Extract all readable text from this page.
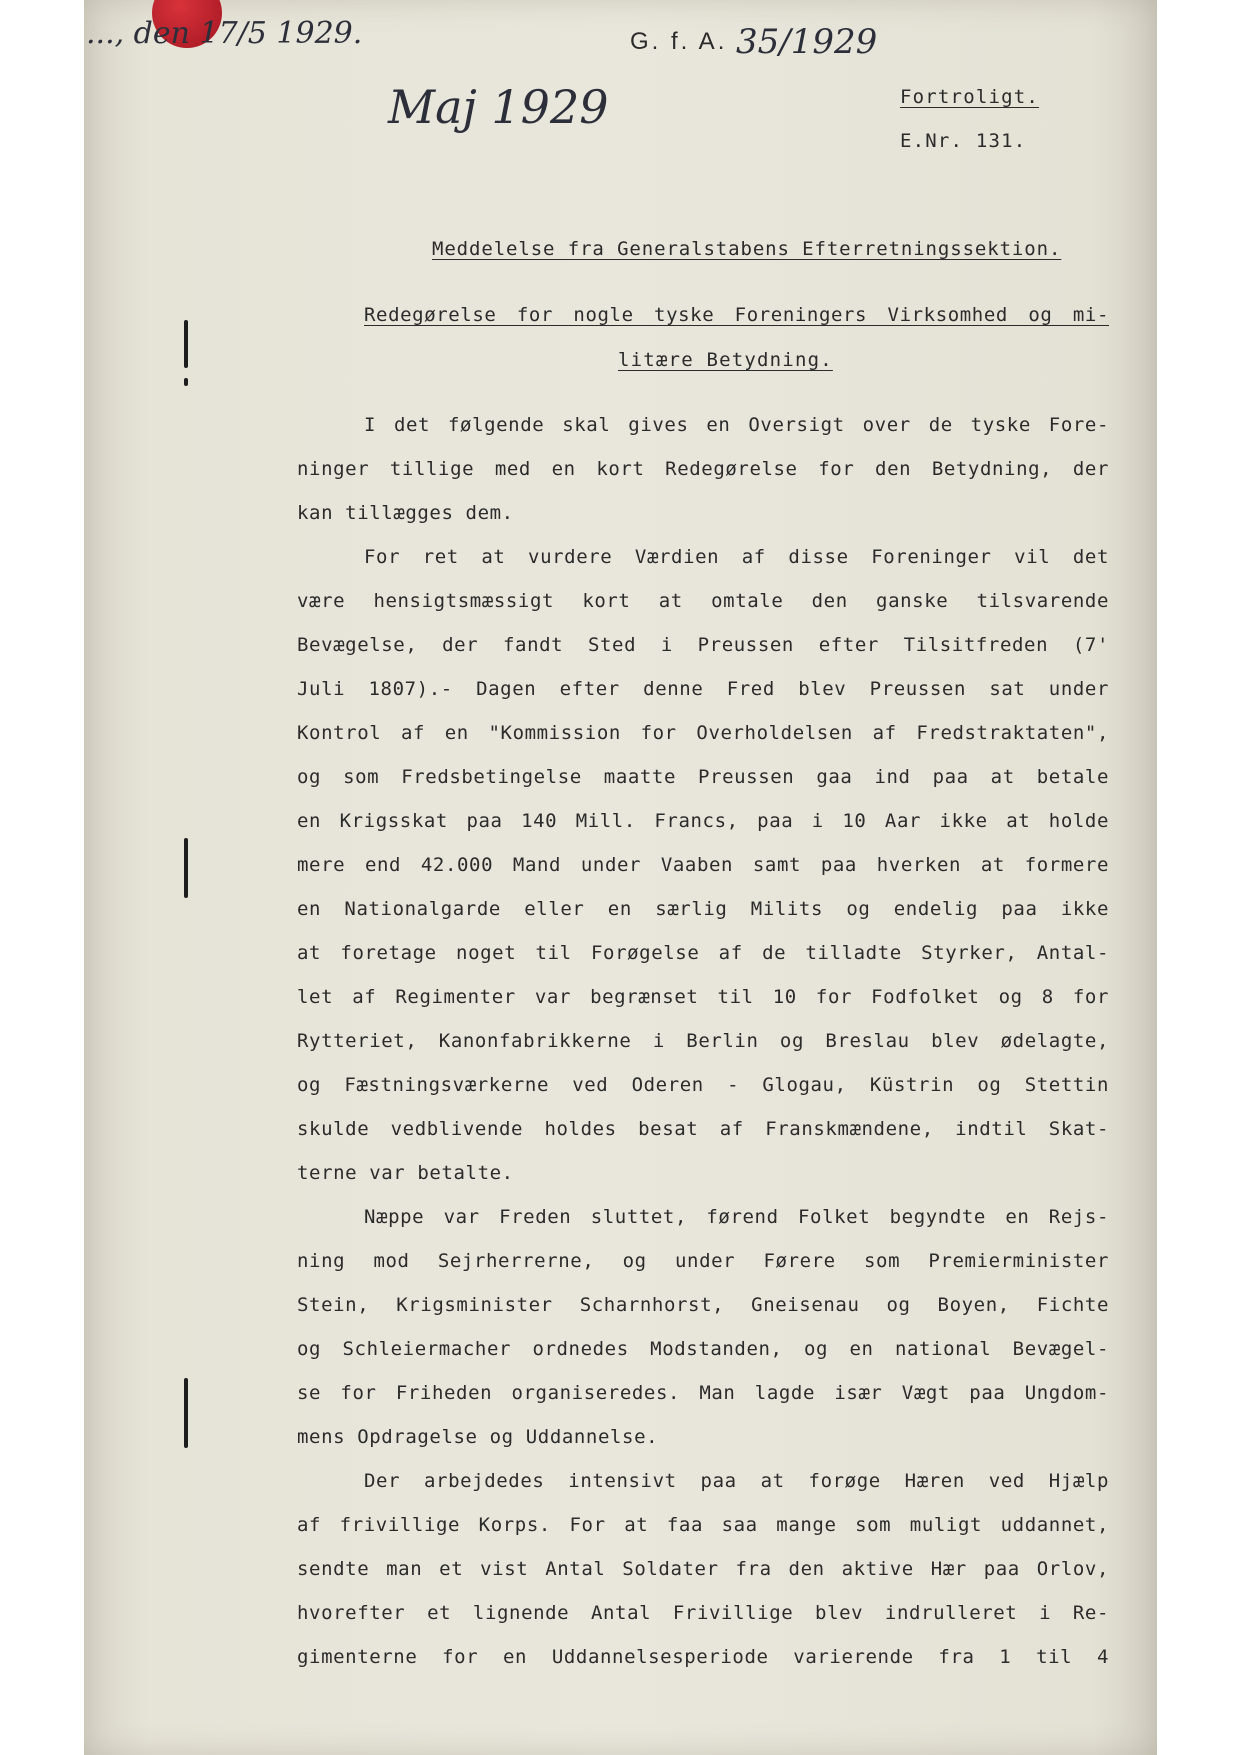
..., den 17/5 1929.
Maj 1929
G. f. A. 35/1929
Fortroligt.
E.Nr. 131.
Meddelelse fra Generalstabens Efterretningssektion.
Redegørelse for nogle tyske Foreningers Virksomhed og mi-
litære Betydning.
I det følgende skal gives en Oversigt over de tyske Fore-
ninger tillige med en kort Redegørelse for den Betydning, der
kan tillægges dem.
For ret at vurdere Værdien af disse Foreninger vil det
være hensigtsmæssigt kort at omtale den ganske tilsvarende
Bevægelse, der fandt Sted i Preussen efter Tilsitfreden (7'
Juli 1807).- Dagen efter denne Fred blev Preussen sat under
Kontrol af en "Kommission for Overholdelsen af Fredstraktaten",
og som Fredsbetingelse maatte Preussen gaa ind paa at betale
en Krigsskat paa 140 Mill. Francs, paa i 10 Aar ikke at holde
mere end 42.000 Mand under Vaaben samt paa hverken at formere
en Nationalgarde eller en særlig Milits og endelig paa ikke
at foretage noget til Forøgelse af de tilladte Styrker, Antal-
let af Regimenter var begrænset til 10 for Fodfolket og 8 for
Rytteriet, Kanonfabrikkerne i Berlin og Breslau blev ødelagte,
og Fæstningsværkerne ved Oderen - Glogau, Küstrin og Stettin
skulde vedblivende holdes besat af Franskmændene, indtil Skat-
terne var betalte.
Næppe var Freden sluttet, førend Folket begyndte en Rejs-
ning mod Sejrherrerne, og under Førere som Premierminister
Stein, Krigsminister Scharnhorst, Gneisenau og Boyen, Fichte
og Schleiermacher ordnedes Modstanden, og en national Bevægel-
se for Friheden organiseredes. Man lagde især Vægt paa Ungdom-
mens Opdragelse og Uddannelse.
Der arbejdedes intensivt paa at forøge Hæren ved Hjælp
af frivillige Korps. For at faa saa mange som muligt uddannet,
sendte man et vist Antal Soldater fra den aktive Hær paa Orlov,
hvorefter et lignende Antal Frivillige blev indrulleret i Re-
gimenterne for en Uddannelsesperiode varierende fra 1 til 4
